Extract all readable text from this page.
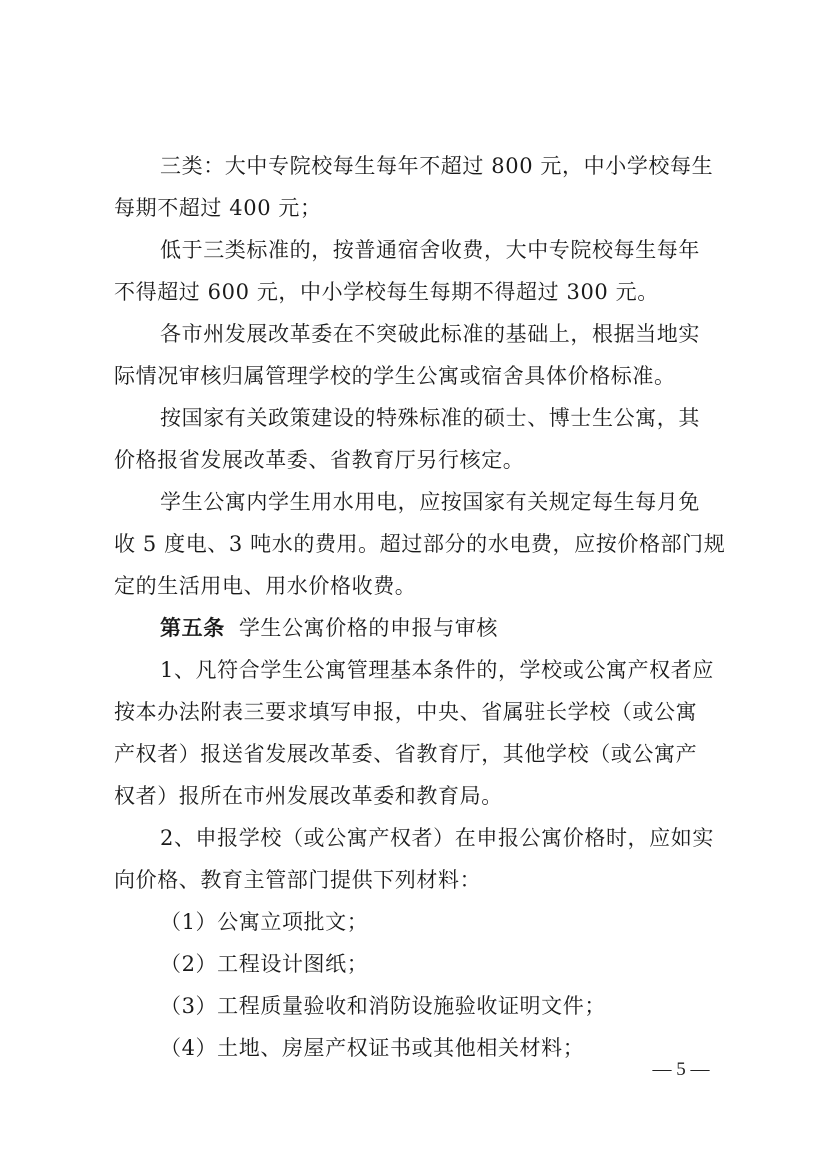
三类：大中专院校每生每年不超过 800 元，中小学校每生
每期不超过 400 元；
低于三类标准的，按普通宿舍收费，大中专院校每生每年
不得超过 600 元，中小学校每生每期不得超过 300 元。
各市州发展改革委在不突破此标准的基础上，根据当地实
际情况审核归属管理学校的学生公寓或宿舍具体价格标准。
按国家有关政策建设的特殊标准的硕士、博士生公寓，其
价格报省发展改革委、省教育厅另行核定。
学生公寓内学生用水用电，应按国家有关规定每生每月免
收 5 度电、3 吨水的费用。超过部分的水电费，应按价格部门规
定的生活用电、用水价格收费。
第五条 学生公寓价格的申报与审核
1、凡符合学生公寓管理基本条件的，学校或公寓产权者应
按本办法附表三要求填写申报，中央、省属驻长学校（或公寓
产权者）报送省发展改革委、省教育厅，其他学校（或公寓产
权者）报所在市州发展改革委和教育局。
2、申报学校（或公寓产权者）在申报公寓价格时，应如实
向价格、教育主管部门提供下列材料：
（1）公寓立项批文；
（2）工程设计图纸；
（3）工程质量验收和消防设施验收证明文件；
（4）土地、房屋产权证书或其他相关材料；
— 5 —
